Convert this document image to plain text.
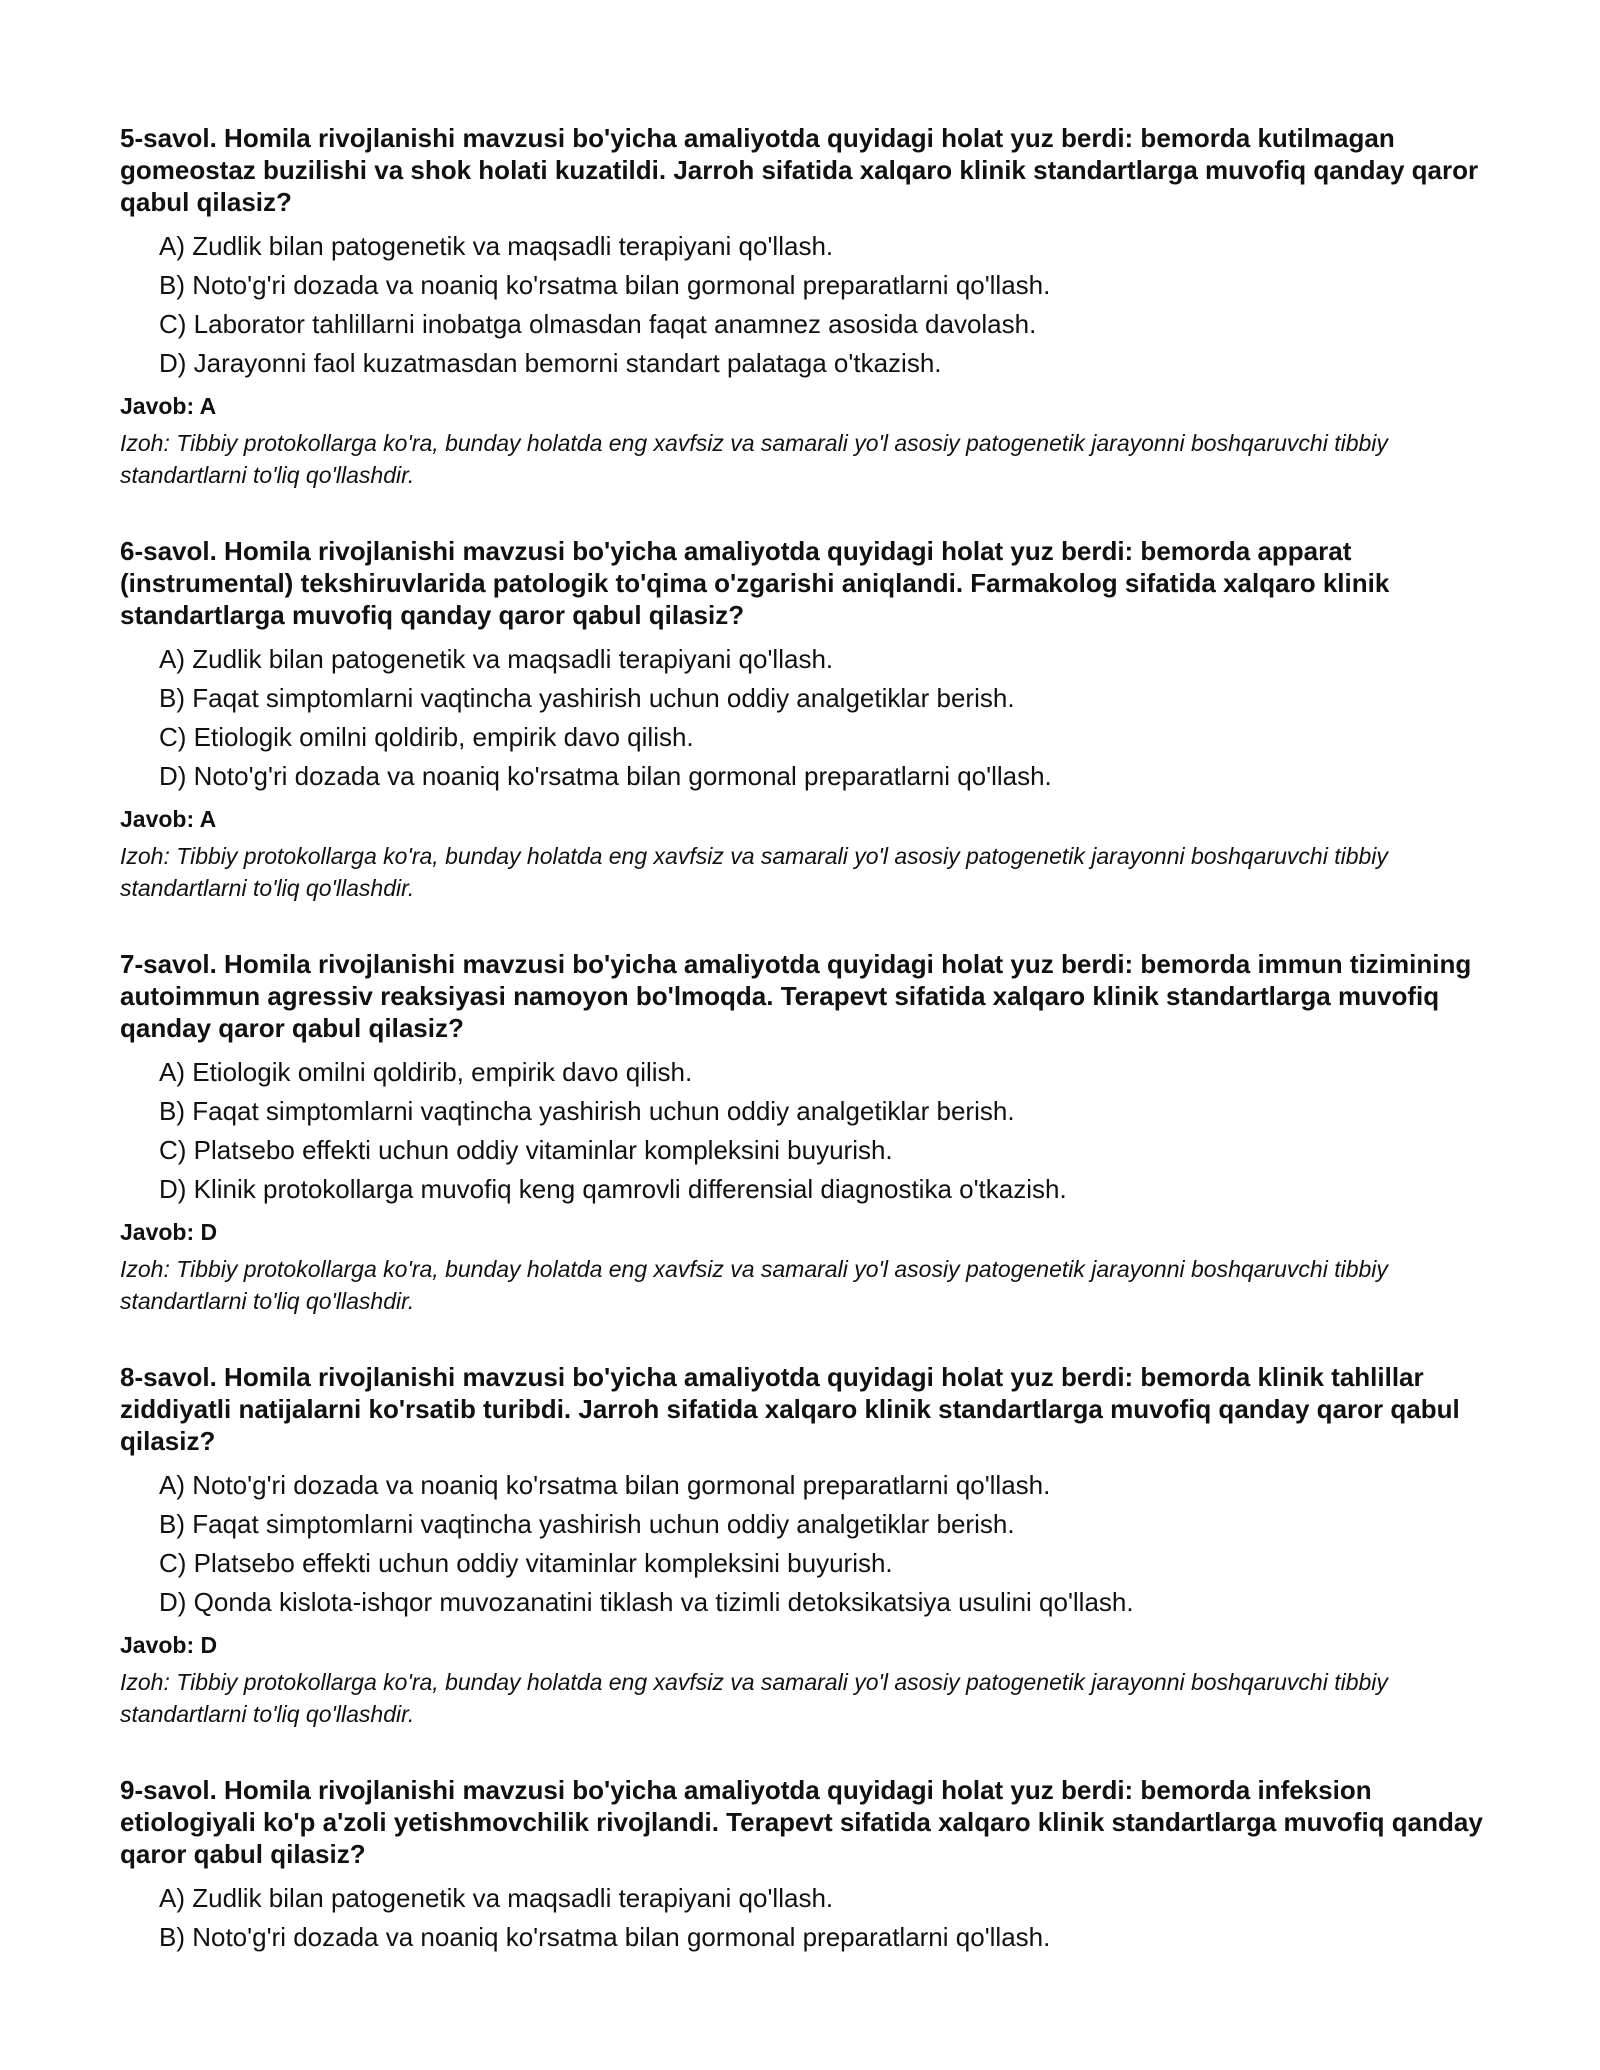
5-savol. Homila rivojlanishi mavzusi bo'yicha amaliyotda quyidagi holat yuz berdi: bemorda kutilmagan gomeostaz buzilishi va shok holati kuzatildi. Jarroh sifatida xalqaro klinik standartlarga muvofiq qanday qaror qabul qilasiz?
A) Zudlik bilan patogenetik va maqsadli terapiyani qo'llash.
B) Noto'g'ri dozada va noaniq ko'rsatma bilan gormonal preparatlarni qo'llash.
C) Laborator tahlillarni inobatga olmasdan faqat anamnez asosida davolash.
D) Jarayonni faol kuzatmasdan bemorni standart palataga o'tkazish.
Javob: A
Izoh: Tibbiy protokollarga ko'ra, bunday holatda eng xavfsiz va samarali yo'l asosiy patogenetik jarayonni boshqaruvchi tibbiy standartlarni to'liq qo'llashdir.
6-savol. Homila rivojlanishi mavzusi bo'yicha amaliyotda quyidagi holat yuz berdi: bemorda apparat (instrumental) tekshiruvlarida patologik to'qima o'zgarishi aniqlandi. Farmakolog sifatida xalqaro klinik standartlarga muvofiq qanday qaror qabul qilasiz?
A) Zudlik bilan patogenetik va maqsadli terapiyani qo'llash.
B) Faqat simptomlarni vaqtincha yashirish uchun oddiy analgetiklar berish.
C) Etiologik omilni qoldirib, empirik davo qilish.
D) Noto'g'ri dozada va noaniq ko'rsatma bilan gormonal preparatlarni qo'llash.
Javob: A
Izoh: Tibbiy protokollarga ko'ra, bunday holatda eng xavfsiz va samarali yo'l asosiy patogenetik jarayonni boshqaruvchi tibbiy standartlarni to'liq qo'llashdir.
7-savol. Homila rivojlanishi mavzusi bo'yicha amaliyotda quyidagi holat yuz berdi: bemorda immun tizimining autoimmun agressiv reaksiyasi namoyon bo'lmoqda. Terapevt sifatida xalqaro klinik standartlarga muvofiq qanday qaror qabul qilasiz?
A) Etiologik omilni qoldirib, empirik davo qilish.
B) Faqat simptomlarni vaqtincha yashirish uchun oddiy analgetiklar berish.
C) Platsebo effekti uchun oddiy vitaminlar kompleksini buyurish.
D) Klinik protokollarga muvofiq keng qamrovli differensial diagnostika o'tkazish.
Javob: D
Izoh: Tibbiy protokollarga ko'ra, bunday holatda eng xavfsiz va samarali yo'l asosiy patogenetik jarayonni boshqaruvchi tibbiy standartlarni to'liq qo'llashdir.
8-savol. Homila rivojlanishi mavzusi bo'yicha amaliyotda quyidagi holat yuz berdi: bemorda klinik tahlillar ziddiyatli natijalarni ko'rsatib turibdi. Jarroh sifatida xalqaro klinik standartlarga muvofiq qanday qaror qabul qilasiz?
A) Noto'g'ri dozada va noaniq ko'rsatma bilan gormonal preparatlarni qo'llash.
B) Faqat simptomlarni vaqtincha yashirish uchun oddiy analgetiklar berish.
C) Platsebo effekti uchun oddiy vitaminlar kompleksini buyurish.
D) Qonda kislota-ishqor muvozanatini tiklash va tizimli detoksikatsiya usulini qo'llash.
Javob: D
Izoh: Tibbiy protokollarga ko'ra, bunday holatda eng xavfsiz va samarali yo'l asosiy patogenetik jarayonni boshqaruvchi tibbiy standartlarni to'liq qo'llashdir.
9-savol. Homila rivojlanishi mavzusi bo'yicha amaliyotda quyidagi holat yuz berdi: bemorda infeksion etiologiyali ko'p a'zoli yetishmovchilik rivojlandi. Terapevt sifatida xalqaro klinik standartlarga muvofiq qanday qaror qabul qilasiz?
A) Zudlik bilan patogenetik va maqsadli terapiyani qo'llash.
B) Noto'g'ri dozada va noaniq ko'rsatma bilan gormonal preparatlarni qo'llash.
